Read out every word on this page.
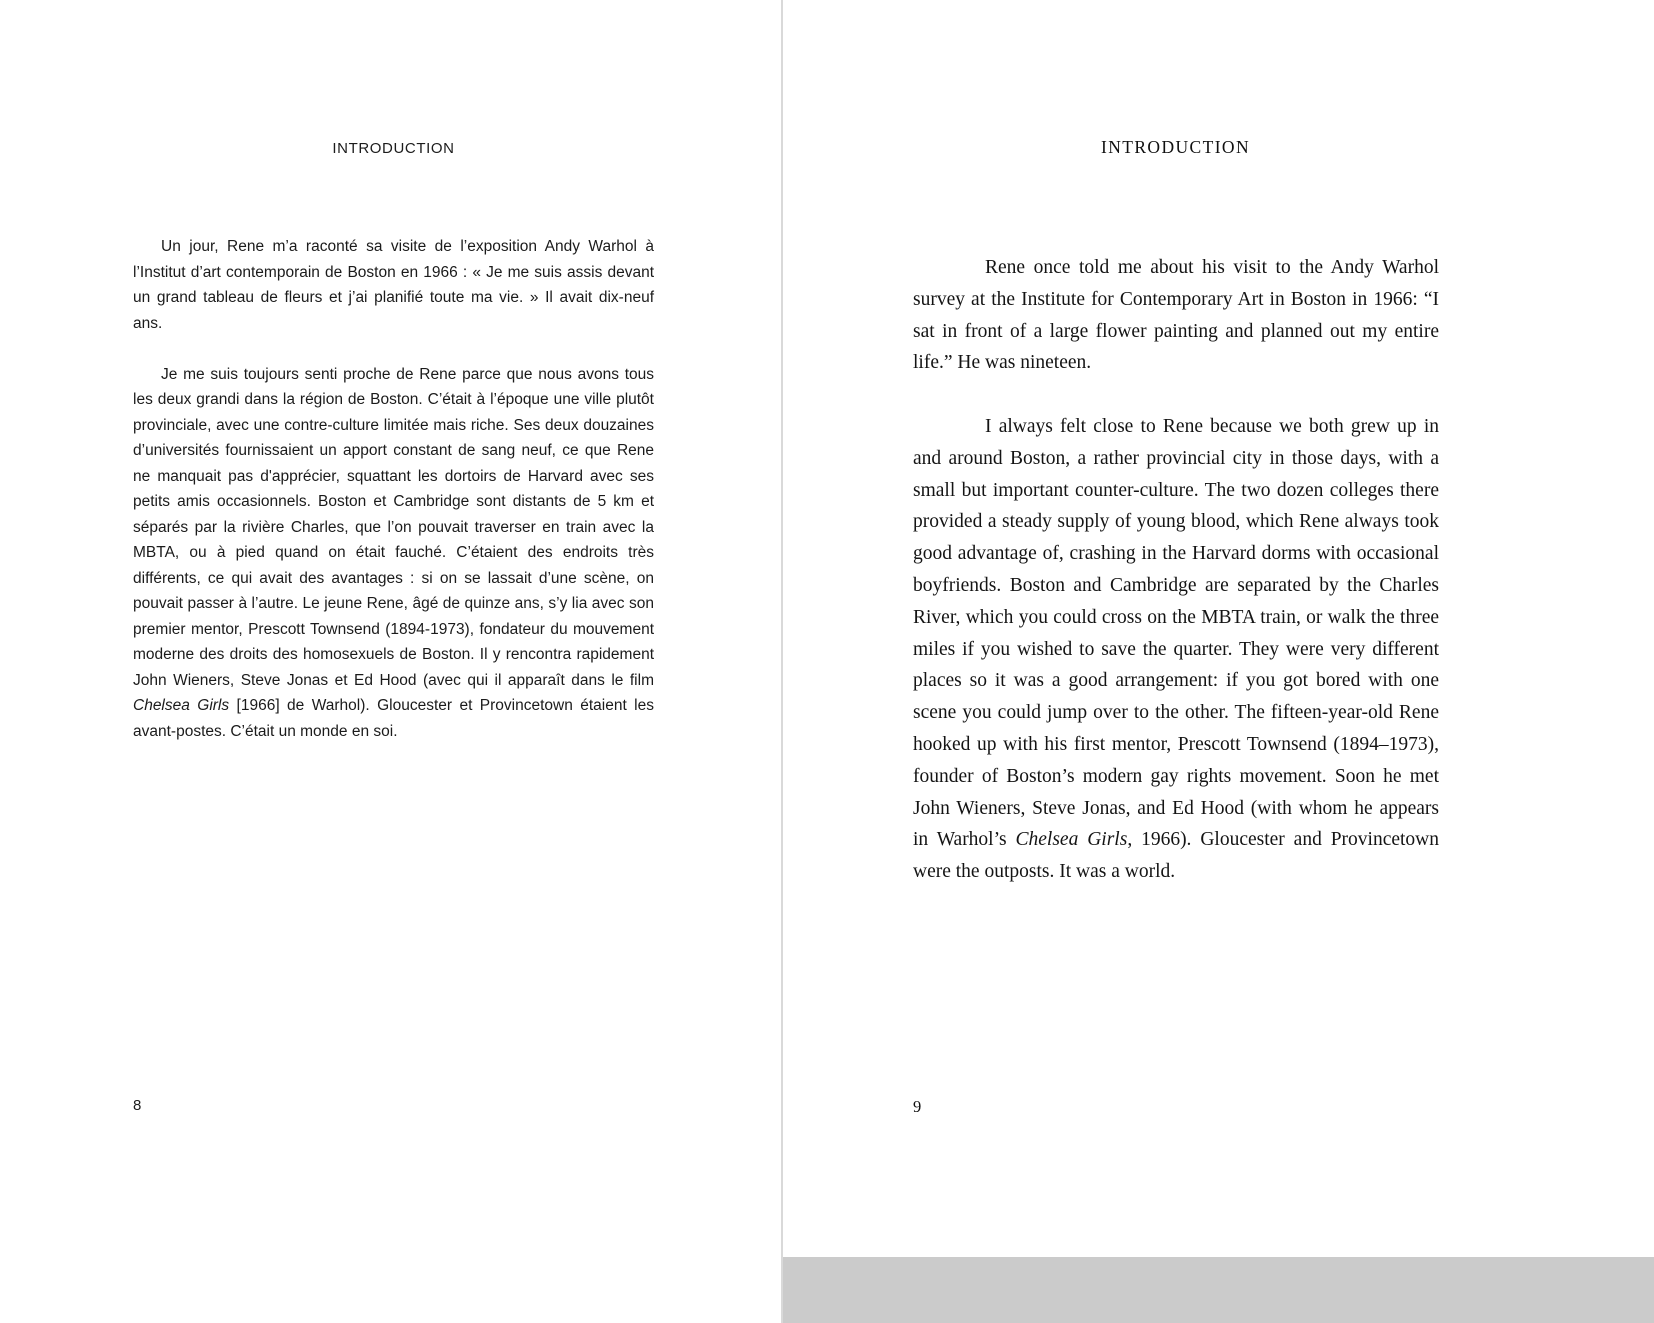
INTRODUCTION

Un jour, Rene m’a raconté sa visite de l’exposition Andy Warhol à l’Institut d’art contemporain de Boston en 1966 : « Je me suis assis devant un grand tableau de fleurs et j’ai planifié toute ma vie. » Il avait dix-neuf ans.

Je me suis toujours senti proche de Rene parce que nous avons tous les deux grandi dans la région de Boston. C’était à l’époque une ville plutôt provinciale, avec une contre-culture limitée mais riche. Ses deux douzaines d’universités fournissaient un apport constant de sang neuf, ce que Rene ne manquait pas d'apprécier, squattant les dortoirs de Harvard avec ses petits amis occasionnels. Boston et Cambridge sont distants de 5 km et séparés par la rivière Charles, que l’on pouvait traverser en train avec la MBTA, ou à pied quand on était fauché. C’étaient des endroits très différents, ce qui avait des avantages : si on se lassait d’une scène, on pouvait passer à l’autre. Le jeune Rene, âgé de quinze ans, s’y lia avec son premier mentor, Prescott Townsend (1894-1973), fondateur du mouvement moderne des droits des homosexuels de Boston. Il y rencontra rapidement John Wieners, Steve Jonas et Ed Hood (avec qui il apparaît dans le film Chelsea Girls [1966] de Warhol). Gloucester et Provincetown étaient les avant-postes. C’était un monde en soi.

8
INTRODUCTION

Rene once told me about his visit to the Andy Warhol survey at the Institute for Contemporary Art in Boston in 1966: “I sat in front of a large flower painting and planned out my entire life.” He was nineteen.

I always felt close to Rene because we both grew up in and around Boston, a rather provincial city in those days, with a small but important counter-culture. The two dozen colleges there provided a steady supply of young blood, which Rene always took good advantage of, crashing in the Harvard dorms with occasional boyfriends. Boston and Cambridge are separated by the Charles River, which you could cross on the MBTA train, or walk the three miles if you wished to save the quarter. They were very different places so it was a good arrangement: if you got bored with one scene you could jump over to the other. The fifteen-year-old Rene hooked up with his first mentor, Prescott Townsend (1894–1973), founder of Boston’s modern gay rights movement. Soon he met John Wieners, Steve Jonas, and Ed Hood (with whom he appears in Warhol’s Chelsea Girls, 1966). Gloucester and Provincetown were the outposts. It was a world.

9
